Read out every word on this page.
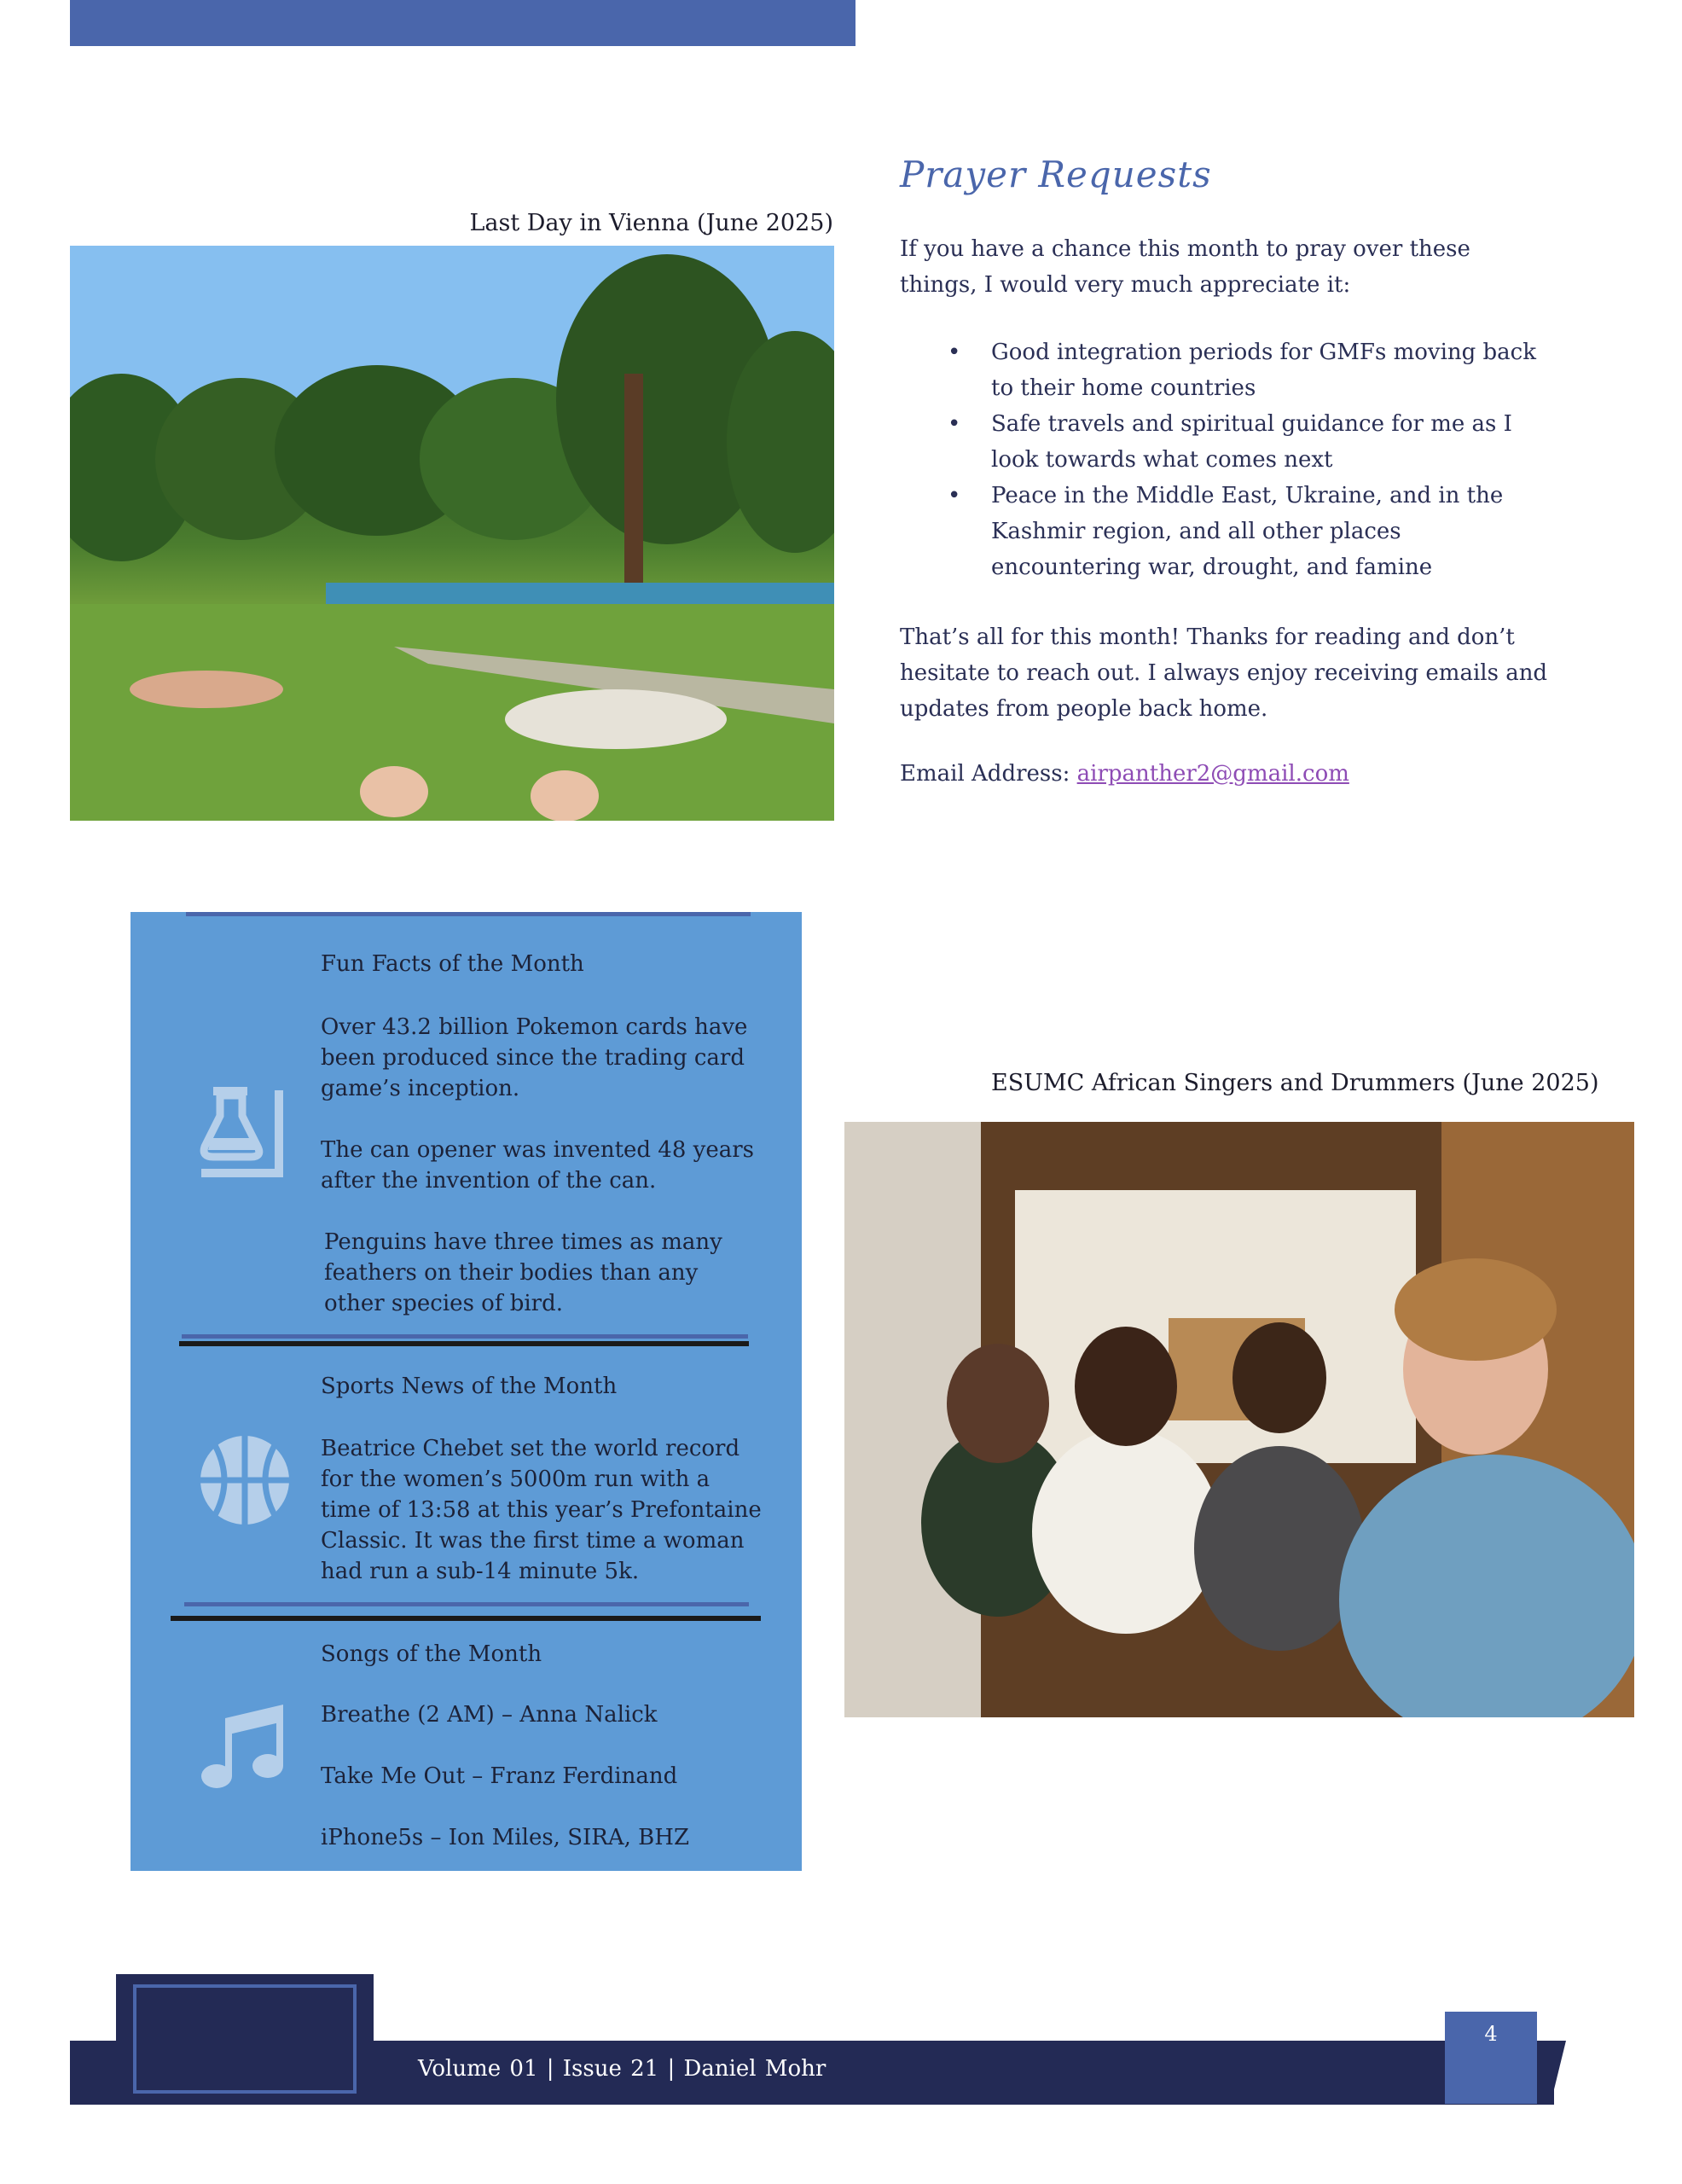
Last Day in Vienna (June 2025)
Prayer Requests
If you have a chance this month to pray over these things, I would very much appreciate it:
• Good integration periods for GMFs moving back to their home countries
• Safe travels and spiritual guidance for me as I look towards what comes next
• Peace in the Middle East, Ukraine, and in the Kashmir region, and all other places encountering war, drought, and famine
That’s all for this month! Thanks for reading and don’t hesitate to reach out. I always enjoy receiving emails and updates from people back home.
Email Address: airpanther2@gmail.com
Fun Facts of the Month
Over 43.2 billion Pokemon cards have been produced since the trading card game’s inception.
The can opener was invented 48 years after the invention of the can.
Penguins have three times as many feathers on their bodies than any other species of bird.
Sports News of the Month
Beatrice Chebet set the world record for the women’s 5000m run with a time of 13:58 at this year’s Prefontaine Classic. It was the first time a woman had run a sub-14 minute 5k.
Songs of the Month
Breathe (2 AM) – Anna Nalick
Take Me Out – Franz Ferdinand
iPhone5s – Ion Miles, SIRA, BHZ
ESUMC African Singers and Drummers (June 2025)
Volume 01 | Issue 21 | Daniel Mohr
4
